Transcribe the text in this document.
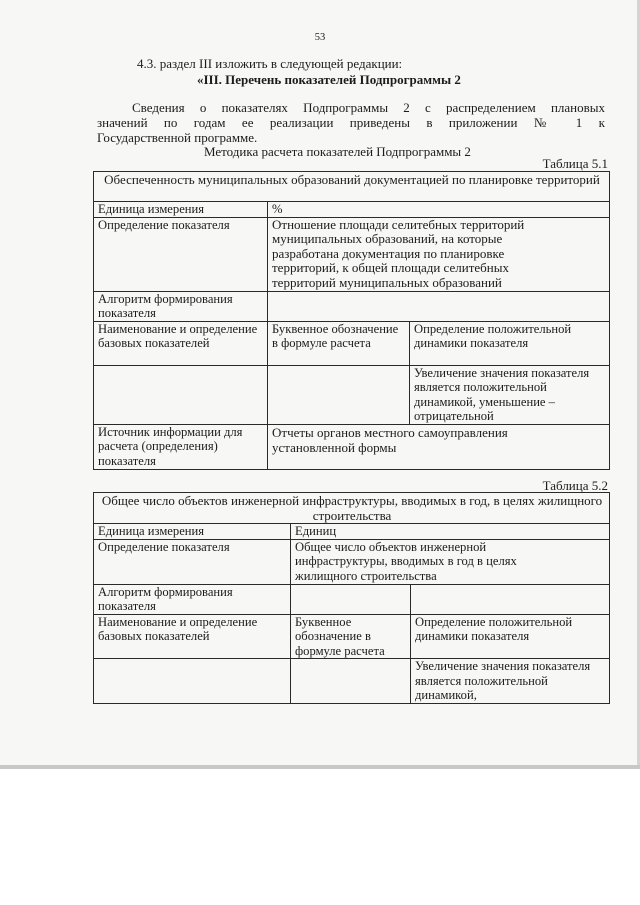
53

4.3. раздел III изложить в следующей редакции:

«III. Перечень показателей Подпрограммы 2

Сведения о показателях Подпрограммы 2 с распределением плановых

значений по годам ее реализации приведены в приложении № 1 к

Государственной программе.

Методика расчета показателей Подпрограммы 2

Таблица 5.1

Обеспеченность муниципальных образований документацией по планировке территорий		
Единица измерения	%	
Определение показателя	Отношение площади селитебных территорий муниципальных образований, на которые разработана документация по планировке территорий, к общей площади селитебных территорий муниципальных образований	
Алгоритм формирования показателя		
Наименование и определение базовых показателей	Буквенное обозначение в формуле расчета	Определение положительной динамики показателя
		Увеличение значения показателя является положительной динамикой, уменьшение – отрицательной
Источник информации для расчета (определения) показателя	Отчеты органов местного самоуправления установленной формы	

Таблица 5.2

Общее число объектов инженерной инфраструктуры, вводимых в год, в целях жилищного строительства		
Единица измерения	Единиц	
Определение показателя	Общее число объектов инженерной инфраструктуры, вводимых в год в целях жилищного строительства	
Алгоритм формирования показателя		
Наименование и определение базовых показателей	Буквенное обозначение в формуле расчета	Определение положительной динамики показателя
		Увеличение значения показателя является положительной динамикой,
